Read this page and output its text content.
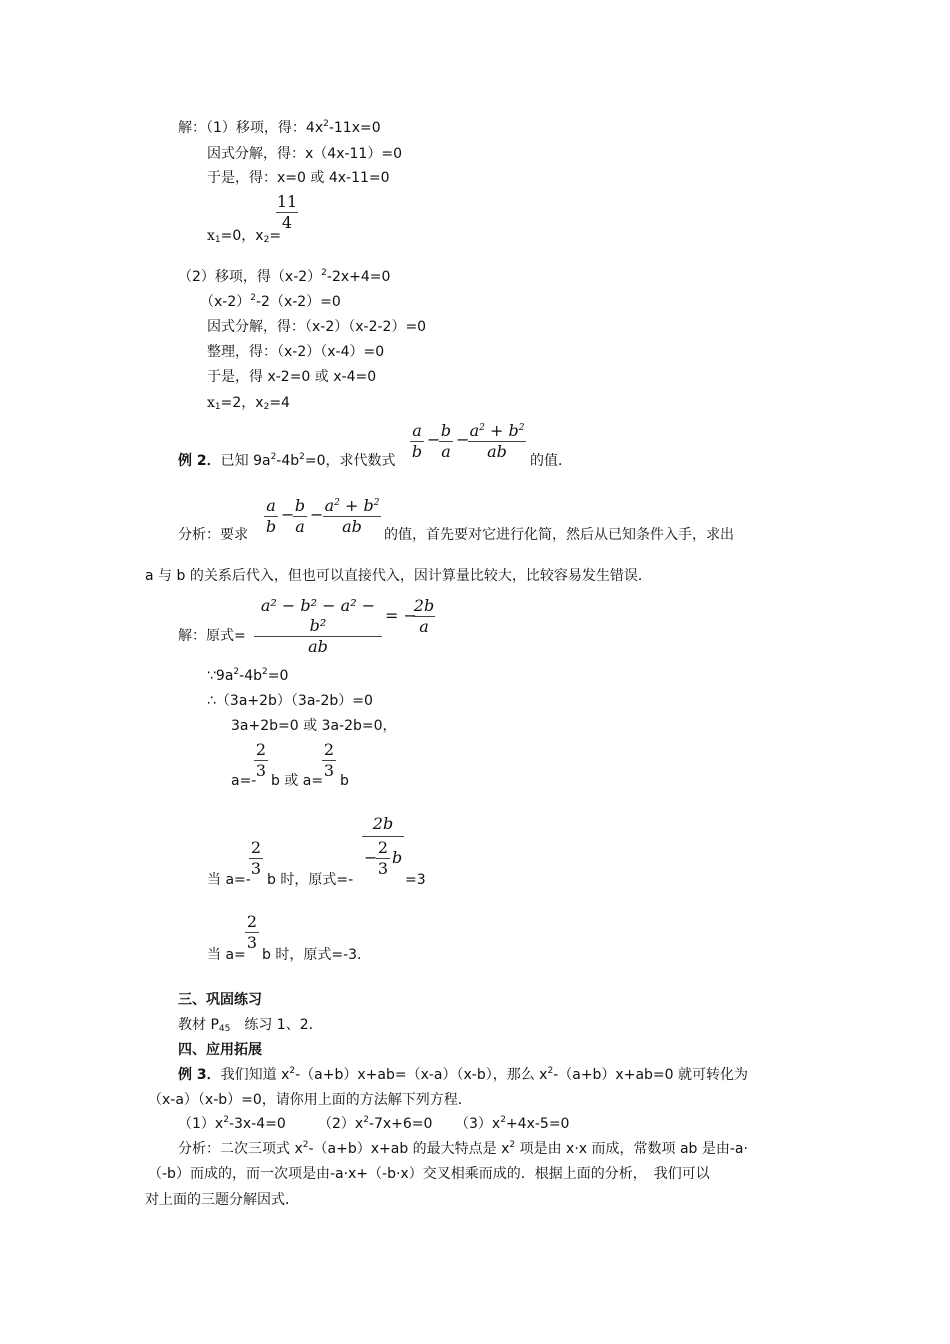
解：（1）移项，得：$4x^2-11x=0$
因式分解，得：x（4x-11）=0
于是，得：x=0 或 4x-11=0
11
4
$x_1=0$，$x_2=$
（2）移项，得$(x-2)^2-2x+4=0$
$(x-2)^2-2(x-2)=0$
因式分解，得：（x-2）（x-2-2）=0
整理，得：（x-2）（x-4）=0
于是，得 x-2=0 或 x-4=0
$x_1=2$，$x_2=4$
a
b
− b
a
− $a^2 + b^2$
ab
例 2．已知 $9a^2-4b^2=0$，求代数式	的值．
a
b
− b
a
− $a^2 + b^2$
ab
分析：要求	的值，首先要对它进行化简，然后从已知条件入手，求出
a 与 b 的关系后代入，但也可以直接代入，因计算量比较大，比较容易发生错误．
a² − b² − a² − b²
ab
= −
2b
a
解：原式=
$\because 9a^2-4b^2=0$
∴（3a+2b）（3a-2b）=0
3a+2b=0 或 3a-2b=0，
2
3
2
3
a=- b 或 a= b
2
3
2b
−
2
3
b
当 a=- b 时，原式=-	=3
2
3
当 a= b 时，原式=-3．
三、巩固练习
教材 $P_{45}$　练习 1、2．
四、应用拓展
例 3．我们知道 $x^2-(a+b)x+ab=(x-a)(x-b)$，那么 $x^2-(a+b)x+ab=0$ 就可转化为
（x-a）（x-b）=0，请你用上面的方法解下列方程．
$(1)x^2-3x-4=0$ $(2)x^2-7x+6=0$ $(3)x^2+4x-5=0$
分析：二次三项式 $x^2-(a+b)x+ab$ 的最大特点是 $x^2$ 项是由 x·x 而成，常数项 ab 是由-a·
（-b）而成的，而一次项是由-a·x+（-b·x）交叉相乘而成的．根据上面的分析，　我们可以
对上面的三题分解因式．
